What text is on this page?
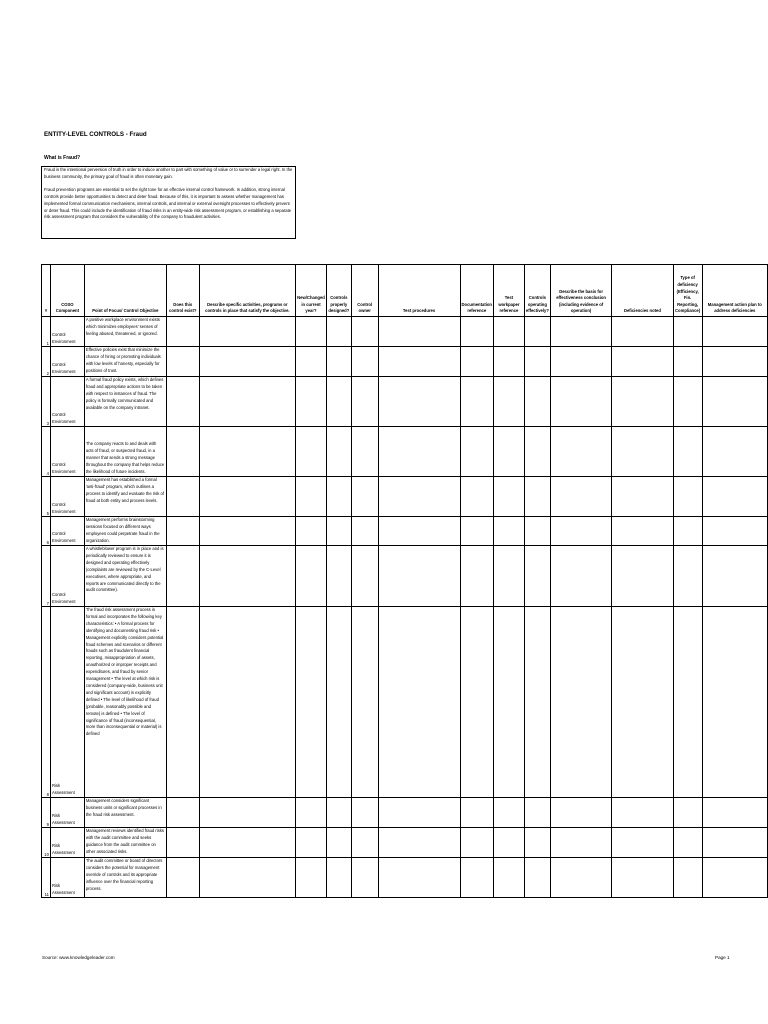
ENTITY-LEVEL CONTROLS - Fraud
What is Fraud?

Fraud is the intentional perversion of truth in order to induce another to part with something of value or to surrender a legal right. In the business community, the primary goal of fraud is often monetary gain.

Fraud prevention programs are essential to set the right tone for an effective internal control framework. In addition, strong internal controls provide better opportunities to detect and deter fraud. Because of this, it is important to assess whether management has implemented formal communication mechanisms, internal controls, and internal or external oversight processes to effectively prevent or deter fraud. This could include the identification of fraud risks in an entity-wide risk assessment program, or establishing a separate risk assessment program that considers the vulnerability of the company to fraudulent activities.

#	COSO Component	Point of Focus/ Control Objective	Does this control exist?	Describe specific activities, programs or controls in place that satisfy the objective.	New/Changed in current year?	Controls properly designed?	Control owner	Test procedures	Documentation reference	Test workpaper reference	Controls operating effectively?	Describe the basis for effectiveness conclusion (including evidence of operation)	Deficiencies noted	Type of deficiency (Efficiency, Fin. Reporting, Compliance)	Management action plan to address deficiencies
1	Control Environment	A positive workplace environment exists which minimizes employees' senses of feeling abused, threatened, or ignored.													
2	Control Environment	Effective policies exist that minimize the chance of hiring or promoting individuals with low levels of honesty, especially for positions of trust.													
3	Control Environment	A formal fraud policy exists, which defines fraud and appropriate actions to be taken with respect to instances of fraud. The policy is formally communicated and available on the company intranet.													
4	Control Environment	The company reacts to and deals with acts of fraud, or suspected fraud, in a manner that sends a strong message throughout the company that helps reduce the likelihood of future incidents.													
5	Control Environment	Management has established a formal 'anti-fraud' program, which outlines a process to identify and evaluate the risk of fraud at both entity and process levels.													
6	Control Environment	Management performs brainstorming sessions focused on different ways employees could perpetrate fraud in the organization.													
7	Control Environment	A whistleblower program is in place and is periodically reviewed to ensure it is designed and operating effectively (complaints are reviewed by the C-Level executives, where appropriate, and reports are communicated directly to the audit committee).													
8	Risk Assessment	The fraud risk assessment process is formal and incorporates the following key characteristics: • A formal process for identifying and documenting fraud risk • Management explicitly considers potential fraud schemes and scenarios or different frauds such as fraudulent financial reporting, misappropriation of assets, unauthorized or improper receipts and expenditures, and fraud by senior management • The level at which risk is considered (company-wide, business unit and significant account) is explicitly defined • The level of likelihood of fraud (probable, reasonably possible and remote) is defined • The level of significance of fraud (inconsequential, more than inconsequential or material) is defined													
9	Risk Assessment	Management considers significant business units or significant processes in the fraud risk assessment.													
10	Risk Assessment	Management reviews identified fraud risks with the audit committee and seeks guidance from the audit committee on other associated risks.													
11	Risk Assessment	The audit committee or board of directors considers the potential for management override of controls and its appropriate influence over the financial reporting process.													
Source: www.knowledgeleader.com	Page 1
